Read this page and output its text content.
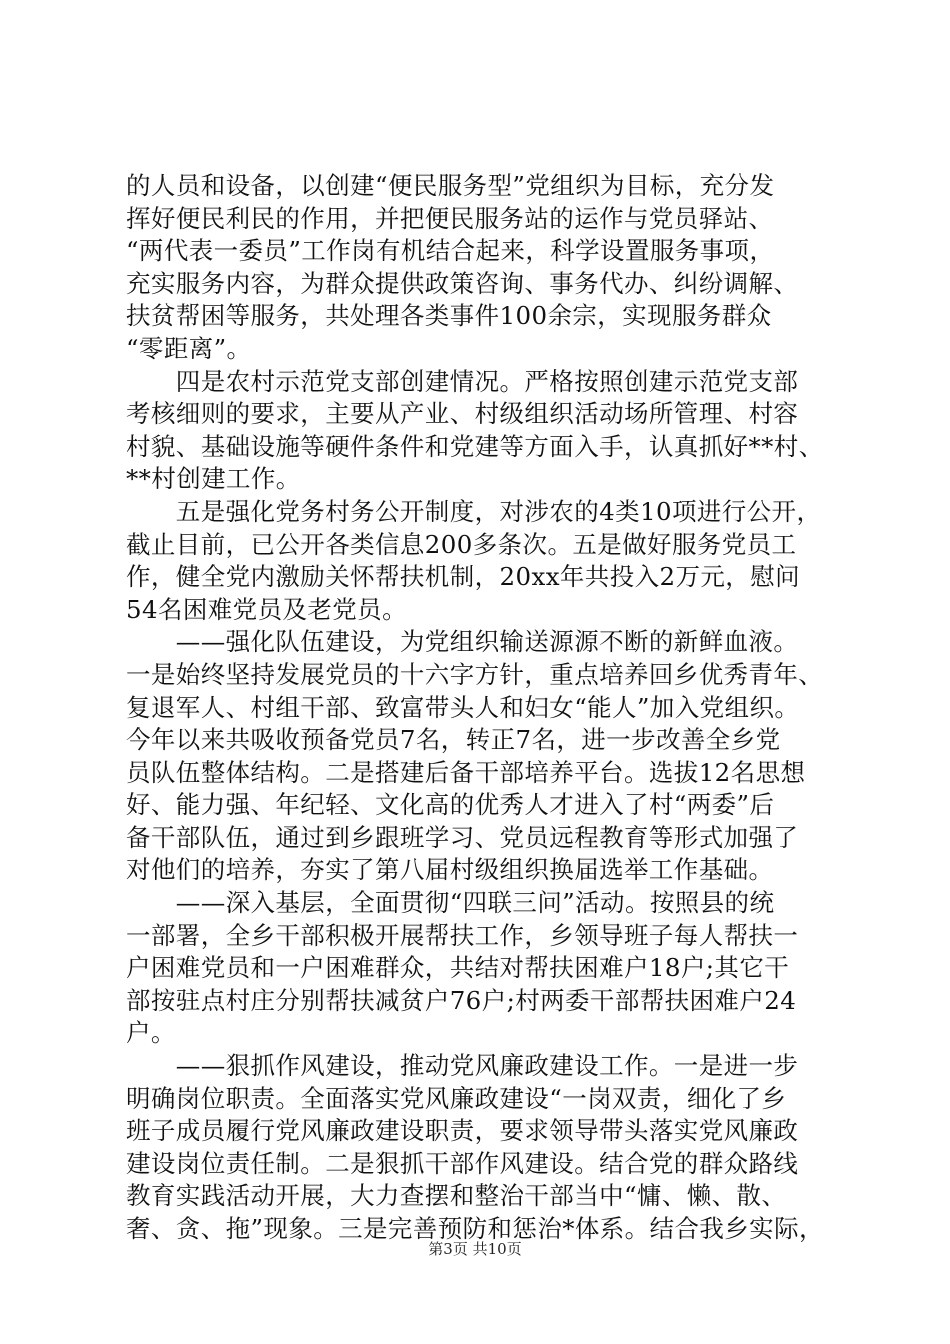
的人员和设备，以创建“便民服务型”党组织为目标，充分发
挥好便民利民的作用，并把便民服务站的运作与党员驿站、
“两代表一委员”工作岗有机结合起来，科学设置服务事项，
充实服务内容，为群众提供政策咨询、事务代办、纠纷调解、
扶贫帮困等服务，共处理各类事件100余宗，实现服务群众
“零距离”。
　　四是农村示范党支部创建情况。严格按照创建示范党支部
考核细则的要求，主要从产业、村级组织活动场所管理、村容
村貌、基础设施等硬件条件和党建等方面入手，认真抓好**村、
**村创建工作。
　　五是强化党务村务公开制度，对涉农的4类10项进行公开，
截止目前，已公开各类信息200多条次。五是做好服务党员工
作，健全党内激励关怀帮扶机制，20xx年共投入2万元，慰问
54名困难党员及老党员。
　　——强化队伍建设，为党组织输送源源不断的新鲜血液。
一是始终坚持发展党员的十六字方针，重点培养回乡优秀青年、
复退军人、村组干部、致富带头人和妇女“能人”加入党组织。
今年以来共吸收预备党员7名，转正7名，进一步改善全乡党
员队伍整体结构。二是搭建后备干部培养平台。选拔12名思想
好、能力强、年纪轻、文化高的优秀人才进入了村“两委”后
备干部队伍，通过到乡跟班学习、党员远程教育等形式加强了
对他们的培养，夯实了第八届村级组织换届选举工作基础。
　　——深入基层，全面贯彻“四联三问”活动。按照县的统
一部署，全乡干部积极开展帮扶工作，乡领导班子每人帮扶一
户困难党员和一户困难群众，共结对帮扶困难户18户;其它干
部按驻点村庄分别帮扶减贫户76户;村两委干部帮扶困难户24
户。
　　——狠抓作风建设，推动党风廉政建设工作。一是进一步
明确岗位职责。全面落实党风廉政建设“一岗双责，细化了乡
班子成员履行党风廉政建设职责，要求领导带头落实党风廉政
建设岗位责任制。二是狠抓干部作风建设。结合党的群众路线
教育实践活动开展，大力查摆和整治干部当中“慵、懒、散、
奢、贪、拖”现象。三是完善预防和惩治*体系。结合我乡实际，
第3页 共10页
